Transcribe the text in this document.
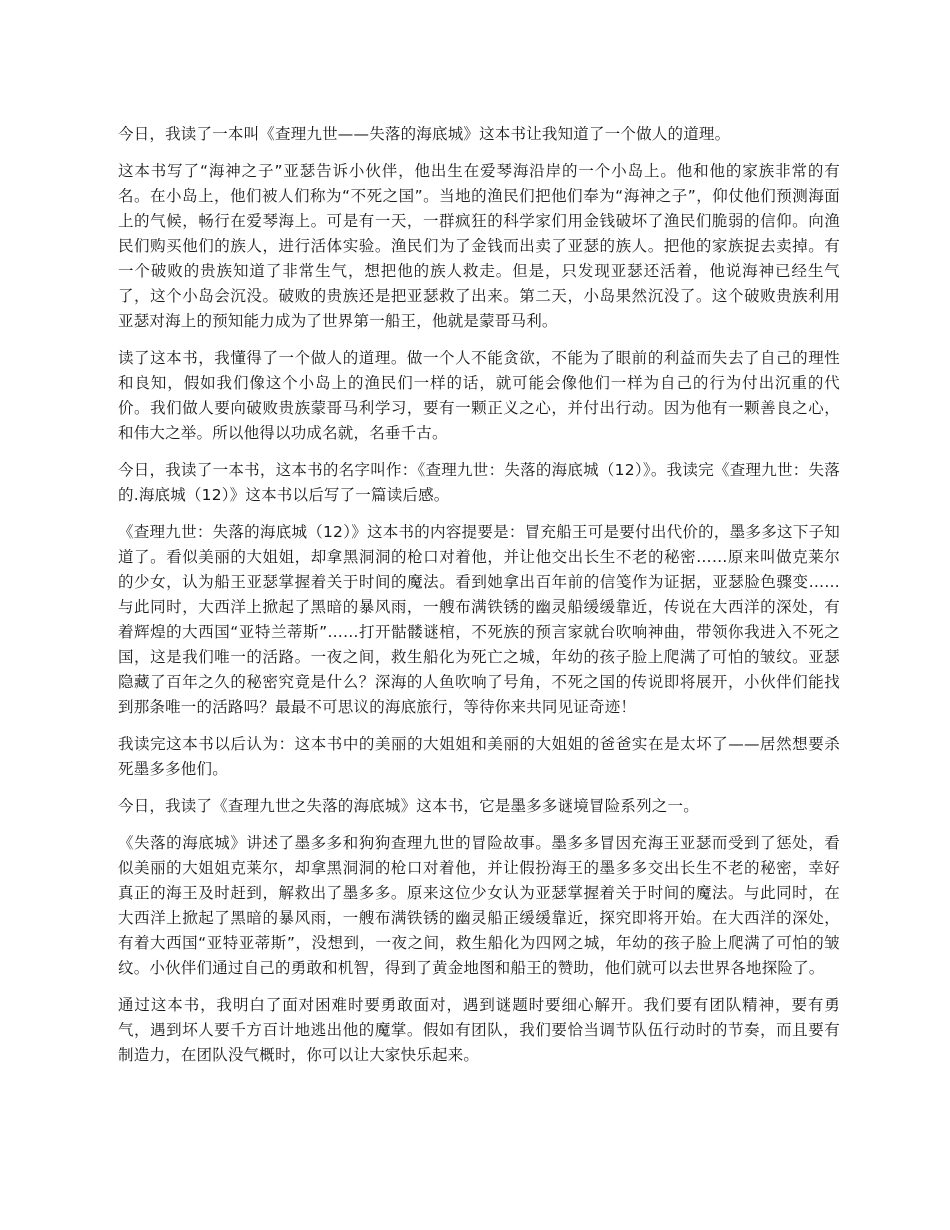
今日，我读了一本叫《查理九世——失落的海底城》这本书让我知道了一个做人的道理。

这本书写了“海神之子”亚瑟告诉小伙伴，他出生在爱琴海沿岸的一个小岛上。他和他的家族非常的有名。在小岛上，他们被人们称为“不死之国”。当地的渔民们把他们奉为“海神之子”，仰仗他们预测海面上的气候，畅行在爱琴海上。可是有一天，一群疯狂的科学家们用金钱破坏了渔民们脆弱的信仰。向渔民们购买他们的族人，进行活体实验。渔民们为了金钱而出卖了亚瑟的族人。把他的家族捉去卖掉。有一个破败的贵族知道了非常生气，想把他的族人救走。但是，只发现亚瑟还活着，他说海神已经生气了，这个小岛会沉没。破败的贵族还是把亚瑟救了出来。第二天，小岛果然沉没了。这个破败贵族利用亚瑟对海上的预知能力成为了世界第一船王，他就是蒙哥马利。

读了这本书，我懂得了一个做人的道理。做一个人不能贪欲，不能为了眼前的利益而失去了自己的理性和良知，假如我们像这个小岛上的渔民们一样的话，就可能会像他们一样为自己的行为付出沉重的代价。我们做人要向破败贵族蒙哥马利学习，要有一颗正义之心，并付出行动。因为他有一颗善良之心，和伟大之举。所以他得以功成名就，名垂千古。

今日，我读了一本书，这本书的名字叫作：《查理九世：失落的海底城（12）》。我读完《查理九世：失落的.海底城（12）》这本书以后写了一篇读后感。

《查理九世：失落的海底城（12）》这本书的内容提要是：冒充船王可是要付出代价的，墨多多这下子知道了。看似美丽的大姐姐，却拿黑洞洞的枪口对着他，并让他交出长生不老的秘密……原来叫做克莱尔的少女，认为船王亚瑟掌握着关于时间的魔法。看到她拿出百年前的信笺作为证据，亚瑟脸色骤变……与此同时，大西洋上掀起了黑暗的暴风雨，一艘布满铁锈的幽灵船缓缓靠近，传说在大西洋的深处，有着辉煌的大西国“亚特兰蒂斯”……打开骷髅谜棺，不死族的预言家就台吹响神曲，带领你我进入不死之国，这是我们唯一的活路。一夜之间，救生船化为死亡之城，年幼的孩子脸上爬满了可怕的皱纹。亚瑟隐藏了百年之久的秘密究竟是什么？深海的人鱼吹响了号角，不死之国的传说即将展开，小伙伴们能找到那条唯一的活路吗？最最不可思议的海底旅行，等待你来共同见证奇迹！

我读完这本书以后认为：这本书中的美丽的大姐姐和美丽的大姐姐的爸爸实在是太坏了——居然想要杀死墨多多他们。

今日，我读了《查理九世之失落的海底城》这本书，它是墨多多谜境冒险系列之一。

《失落的海底城》讲述了墨多多和狗狗查理九世的冒险故事。墨多多冒因充海王亚瑟而受到了惩处，看似美丽的大姐姐克莱尔，却拿黑洞洞的枪口对着他，并让假扮海王的墨多多交出长生不老的秘密，幸好真正的海王及时赶到，解救出了墨多多。原来这位少女认为亚瑟掌握着关于时间的魔法。与此同时，在大西洋上掀起了黑暗的暴风雨，一艘布满铁锈的幽灵船正缓缓靠近，探究即将开始。在大西洋的深处，有着大西国“亚特亚蒂斯”，没想到，一夜之间，救生船化为四网之城，年幼的孩子脸上爬满了可怕的皱纹。小伙伴们通过自己的勇敢和机智，得到了黄金地图和船王的赞助，他们就可以去世界各地探险了。

通过这本书，我明白了面对困难时要勇敢面对，遇到谜题时要细心解开。我们要有团队精神，要有勇气，遇到坏人要千方百计地逃出他的魔掌。假如有团队，我们要恰当调节队伍行动时的节奏，而且要有制造力，在团队没气概时，你可以让大家快乐起来。
